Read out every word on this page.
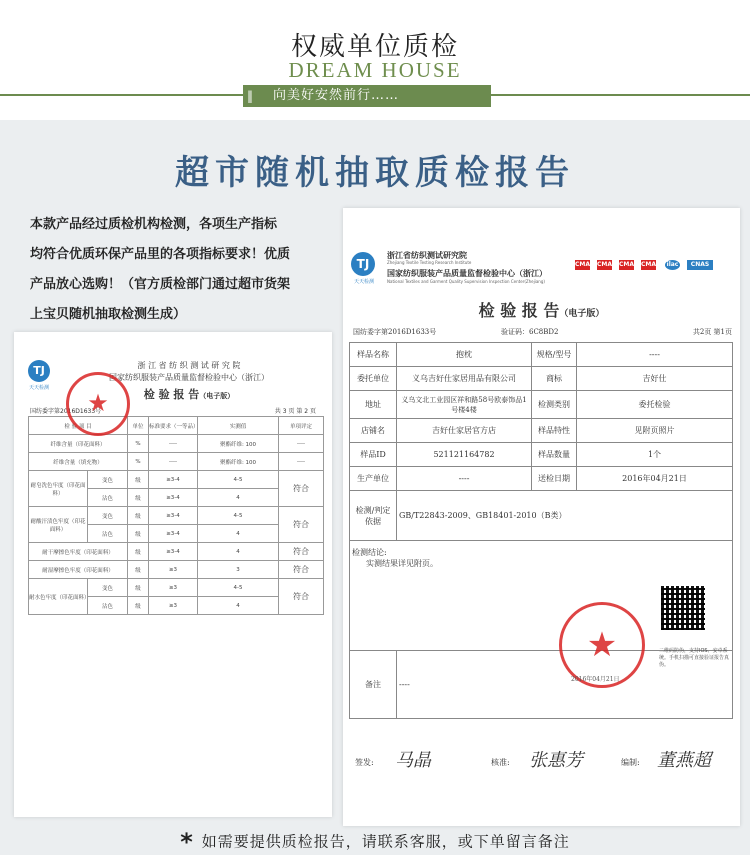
权威单位质检
DREAM HOUSE
向美好安然前行……
‖
超市随机抽取质检报告
本款产品经过质检机构检测，各项生产指标
均符合优质环保产品里的各项指标要求！优质
产品放心选购！（官方质检部门通过超市货架
上宝贝随机抽取检测生成）
TJ
天天检测
浙 江 省 纺 织 测 试 研 究 院
国家纺织服装产品质量监督检验中心（浙江）
检 验 报 告（电子版）
国纺委字第2016D1633号	共 3 页 第 2 页
检 验 项 目		单位	标准要求（一等品）	实测值	单项评定
纤维含量（印花面料）		%	----	聚酯纤维: 100	----
纤维含量（填充物）		%	----	聚酯纤维: 100	----
耐皂洗色牢度（印花面料）	变色	级	≥3-4	4-5	符合
	沾色	级	≥3-4	4	
耐酸汗渍色牢度（印花面料）	变色	级	≥3-4	4-5	符合
	沾色	级	≥3-4	4	
耐干摩擦色牢度（印花面料）		级	≥3-4	4	符合
耐湿摩擦色牢度（印花面料）		级	≥3	3	符合
耐水色牢度（印花面料）	变色	级	≥3	4-5	符合
	沾色	级	≥3	4	
★
TJ
天天检测
浙江省纺织测试研究院
Zhejiang Textile Testing Research Institute
国家纺织服装产品质量监督检验中心（浙江）
National Textiles and Garment Quality Supervision Inspection Center(Zhejiang)
CMA CMA CMA CMA ilac	CNAS
检 验 报 告（电子版）
国纺委字第2016D1633号	验证码：6C8BD2	共2页 第1页
样品名称	抱枕	规格/型号	----
委托单位	义乌吉好仕家居用品有限公司	商标	吉好仕
地址	义乌文北工业园区祥和路58号欧泰饰品1号楼4楼	检测类别	委托检验
店铺名	吉好仕家居官方店	样品特性	见附页照片
样品ID	521121164782	样品数量	1个
生产单位	----	送检日期	2016年04月21日
检测/判定依据	GB/T22843-2009、GB18401-2010（B类）		

检测结论:
实测结果详见附页。			

备注	----		
二维码防伪，支持IOS、安卓系统。手机扫描可直接验证报告真伪。
★
2016年04月21日
签发: 马晶	核准: 张惠芳	编制: 董燕超
* 如需要提供质检报告，请联系客服，或下单留言备注
